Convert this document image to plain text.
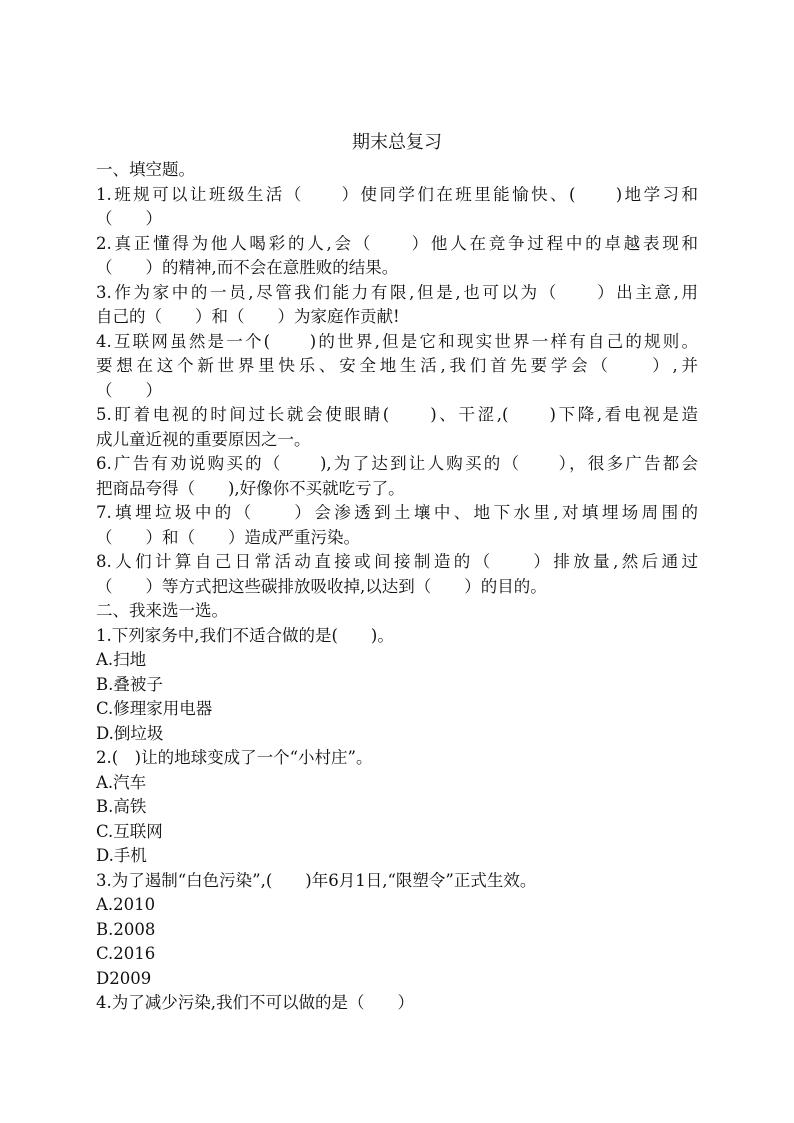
期末总复习

一、填空题。

1.班规可以让班级生活（　　）使同学们在班里能愉快、(　　)地学习和

（　　）

2.真正懂得为他人喝彩的人,会（　　）他人在竞争过程中的卓越表现和

（　　）的精神,而不会在意胜败的结果。

3.作为家中的一员,尽管我们能力有限,但是,也可以为（　　）出主意,用

自己的（　　）和（　　）为家庭作贡献!

4.互联网虽然是一个(　　)的世界,但是它和现实世界一样有自己的规则。

要想在这个新世界里快乐、安全地生活,我们首先要学会（　　）,并

（　　）

5.盯着电视的时间过长就会使眼睛(　　)、干涩,(　　)下降,看电视是造

成儿童近视的重要原因之一。

6.广告有劝说购买的（　　),为了达到让人购买的（　　），很多广告都会

把商品夸得（　　),好像你不买就吃亏了。

7.填埋垃圾中的（　　）会渗透到土壤中、地下水里,对填埋场周围的

（　　）和（　　）造成严重污染。

8.人们计算自己日常活动直接或间接制造的（　　）排放量,然后通过

（　　）等方式把这些碳排放吸收掉,以达到（　　）的目的。

二、我来选一选。

1.下列家务中,我们不适合做的是(　　)。

A.扫地

B.叠被子

C.修理家用电器

D.倒垃圾

2.(　)让的地球变成了一个“小村庄”。

A.汽车

B.高铁

C.互联网

D.手机

3.为了遏制“白色污染”,(　　)年6月1日,“限塑令”正式生效。

A.2010

B.2008

C.2016

D2009

4.为了减少污染,我们不可以做的是（　　）
